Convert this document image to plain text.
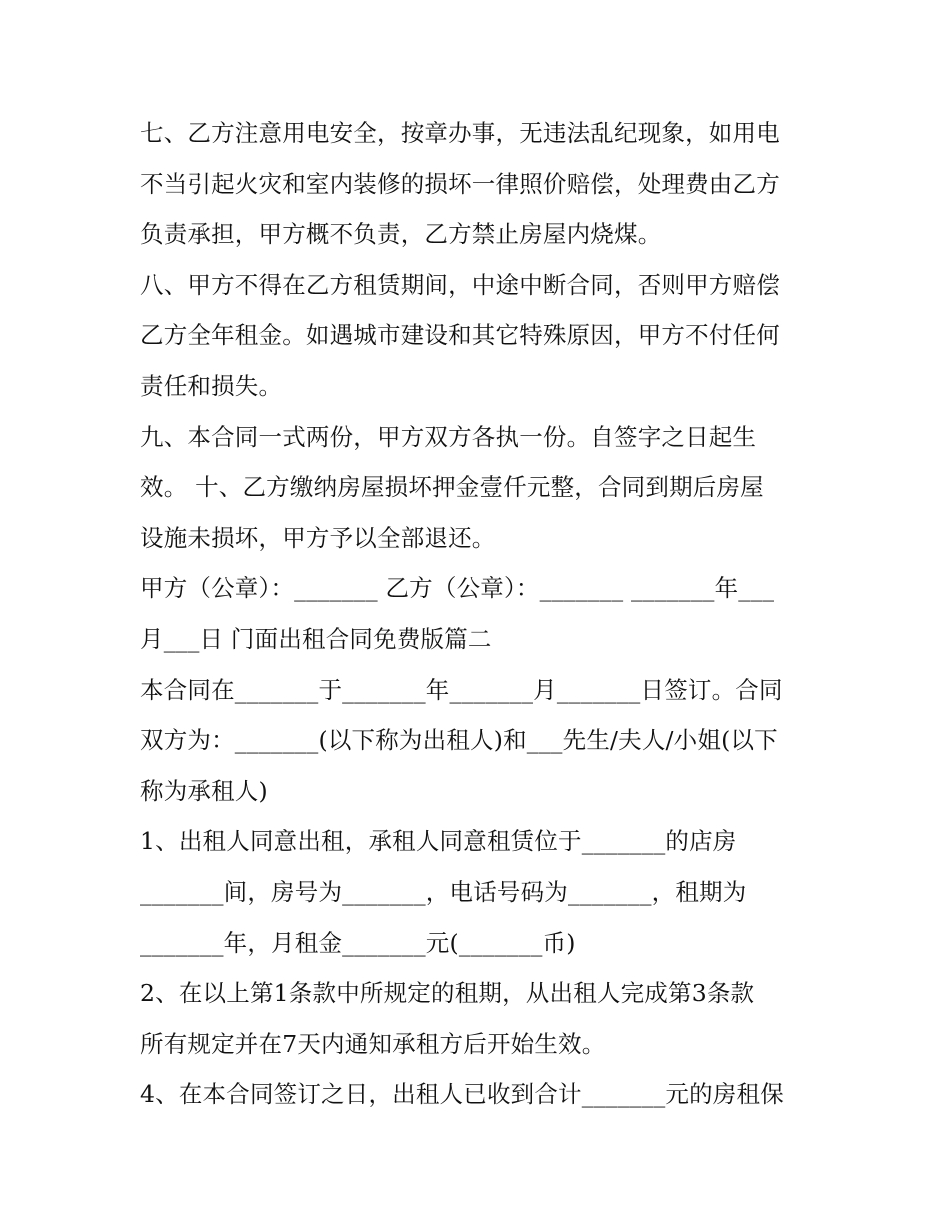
七、乙方注意用电安全，按章办事，无违法乱纪现象，如用电
不当引起火灾和室内装修的损坏一律照价赔偿，处理费由乙方
负责承担，甲方概不负责，乙方禁止房屋内烧煤。
八、甲方不得在乙方租赁期间，中途中断合同，否则甲方赔偿
乙方全年租金。如遇城市建设和其它特殊原因，甲方不付任何
责任和损失。
九、本合同一式两份，甲方双方各执一份。自签字之日起生
效。 十、乙方缴纳房屋损坏押金壹仟元整，合同到期后房屋
设施未损坏，甲方予以全部退还。
甲方（公章）：_______ 乙方（公章）：_______ _______年___
月___日 门面出租合同免费版篇二
本合同在_______于_______年_______月_______日签订。合同
双方为：_______(以下称为出租人)和___先生/夫人/小姐(以下
称为承租人)
1、出租人同意出租，承租人同意租赁位于_______的店房
_______间，房号为_______，电话号码为_______，租期为
_______年，月租金_______元(_______币)
2、在以上第1条款中所规定的租期，从出租人完成第3条款
所有规定并在7天内通知承租方后开始生效。
4、在本合同签订之日，出租人已收到合计_______元的房租保
